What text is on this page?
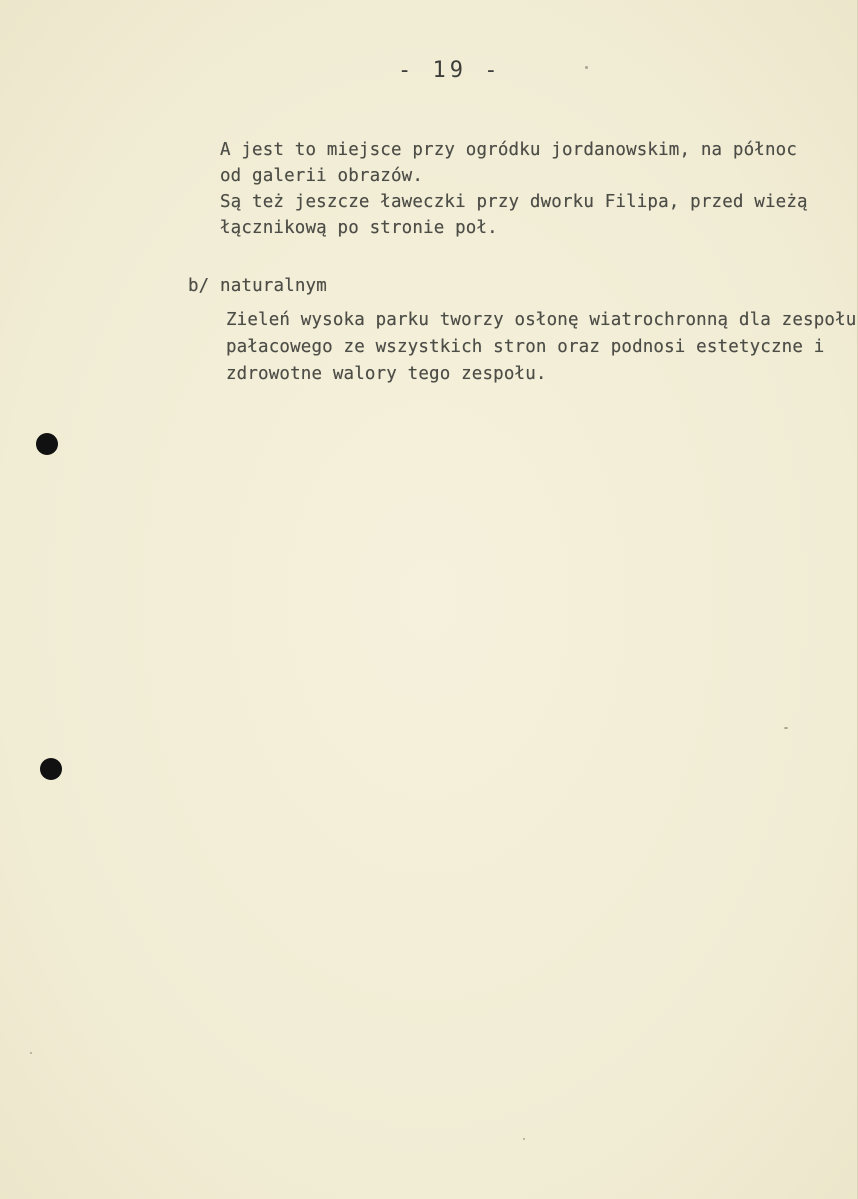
- 19 -
A jest to miejsce przy ogródku jordanowskim, na północ
od galerii obrazów.
Są też jeszcze ławeczki przy dworku Filipa, przed wieżą
łącznikową po stronie poł.
b/ naturalnym
Zieleń wysoka parku tworzy osłonę wiatrochronną dla zespołu
pałacowego ze wszystkich stron oraz podnosi estetyczne i
zdrowotne walory tego zespołu.
